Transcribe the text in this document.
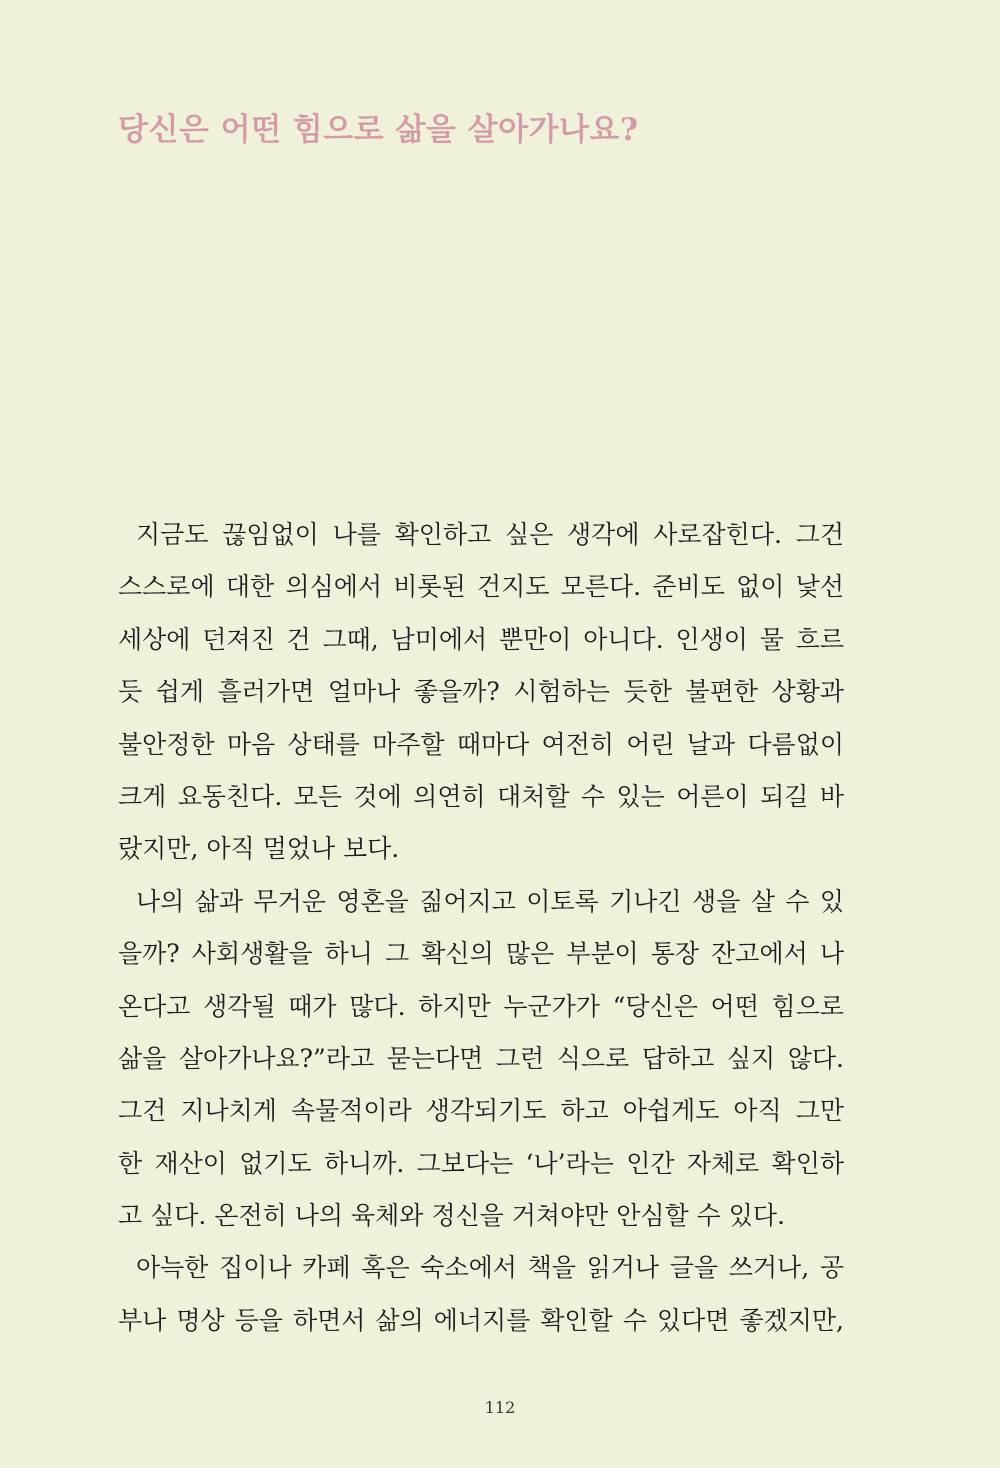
당신은 어떤 힘으로 삶을 살아가나요?
지금도 끊임없이 나를 확인하고 싶은 생각에 사로잡힌다. 그건
스스로에 대한 의심에서 비롯된 건지도 모른다. 준비도 없이 낯선
세상에 던져진 건 그때, 남미에서 뿐만이 아니다. 인생이 물 흐르
듯 쉽게 흘러가면 얼마나 좋을까? 시험하는 듯한 불편한 상황과
불안정한 마음 상태를 마주할 때마다 여전히 어린 날과 다름없이
크게 요동친다. 모든 것에 의연히 대처할 수 있는 어른이 되길 바
랐지만, 아직 멀었나 보다.
나의 삶과 무거운 영혼을 짊어지고 이토록 기나긴 생을 살 수 있
을까? 사회생활을 하니 그 확신의 많은 부분이 통장 잔고에서 나
온다고 생각될 때가 많다. 하지만 누군가가 “당신은 어떤 힘으로
삶을 살아가나요?”라고 묻는다면 그런 식으로 답하고 싶지 않다.
그건 지나치게 속물적이라 생각되기도 하고 아쉽게도 아직 그만
한 재산이 없기도 하니까. 그보다는 ‘나’라는 인간 자체로 확인하
고 싶다. 온전히 나의 육체와 정신을 거쳐야만 안심할 수 있다.
아늑한 집이나 카페 혹은 숙소에서 책을 읽거나 글을 쓰거나, 공
부나 명상 등을 하면서 삶의 에너지를 확인할 수 있다면 좋겠지만,

112
